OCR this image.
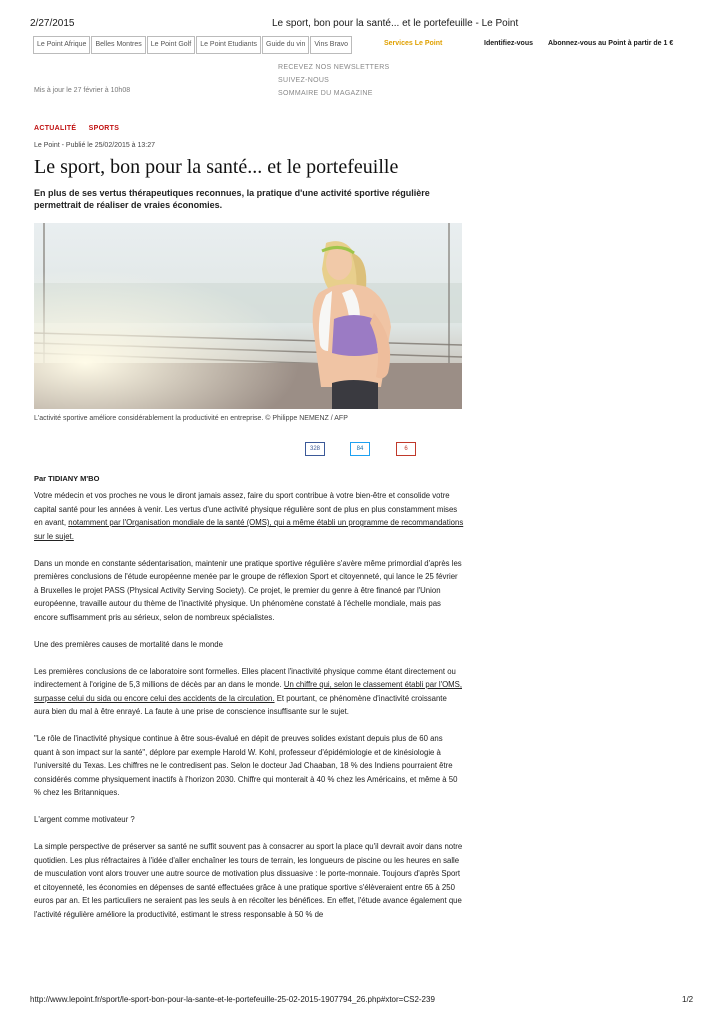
2/27/2015	Le sport, bon pour la santé... et le portefeuille - Le Point
Le Point Afrique	Belles Montres	Le Point Golf	Le Point Etudiants	Guide du vin	Vins Bravo	Services Le Point	Identifiez-vous Abonnez-vous au Point à partir de 1 €
RECEVEZ NOS NEWSLETTERS
SUIVEZ-NOUS
SOMMAIRE DU MAGAZINE
Mis à jour le 27 février à 10h08
ACTUALITÉ SPORTS
Le Point - Publié le 25/02/2015 à 13:27
Le sport, bon pour la santé... et le portefeuille
En plus de ses vertus thérapeutiques reconnues, la pratique d'une activité sportive régulière permettrait de réaliser de vraies économies.
L'activité sportive améliore considérablement la productivité en entreprise. © Philippe NEMENZ / AFP
328	84	6
Par TIDIANY M'BO

Votre médecin et vos proches ne vous le diront jamais assez, faire du sport contribue à votre bien-être et consolide votre capital santé pour les années à venir. Les vertus d'une activité physique régulière sont de plus en plus constamment mises en avant, notamment par l'Organisation mondiale de la santé (OMS), qui a même établi un programme de recommandations sur le sujet.

Dans un monde en constante sédentarisation, maintenir une pratique sportive régulière s'avère même primordial d'après les premières conclusions de l'étude européenne menée par le groupe de réflexion Sport et citoyenneté, qui lance le 25 février à Bruxelles le projet PASS (Physical Activity Serving Society). Ce projet, le premier du genre à être financé par l'Union européenne, travaille autour du thème de l'inactivité physique. Un phénomène constaté à l'échelle mondiale, mais pas encore suffisamment pris au sérieux, selon de nombreux spécialistes.

Une des premières causes de mortalité dans le monde

Les premières conclusions de ce laboratoire sont formelles. Elles placent l'inactivité physique comme étant directement ou indirectement à l'origine de 5,3 millions de décès par an dans le monde. Un chiffre qui, selon le classement établi par l'OMS, surpasse celui du sida ou encore celui des accidents de la circulation. Et pourtant, ce phénomène d'inactivité croissante aura bien du mal à être enrayé. La faute à une prise de conscience insuffisante sur le sujet.

"Le rôle de l'inactivité physique continue à être sous-évalué en dépit de preuves solides existant depuis plus de 60 ans quant à son impact sur la santé", déplore par exemple Harold W. Kohl, professeur d'épidémiologie et de kinésiologie à l'université du Texas. Les chiffres ne le contredisent pas. Selon le docteur Jad Chaaban, 18 % des Indiens pourraient être considérés comme physiquement inactifs à l'horizon 2030. Chiffre qui monterait à 40 % chez les Américains, et même à 50 % chez les Britanniques.

L'argent comme motivateur ?

La simple perspective de préserver sa santé ne suffit souvent pas à consacrer au sport la place qu'il devrait avoir dans notre quotidien. Les plus réfractaires à l'idée d'aller enchaîner les tours de terrain, les longueurs de piscine ou les heures en salle de musculation vont alors trouver une autre source de motivation plus dissuasive : le porte-monnaie. Toujours d'après Sport et citoyenneté, les économies en dépenses de santé effectuées grâce à une pratique sportive s'élèveraient entre 65 à 250 euros par an. Et les particuliers ne seraient pas les seuls à en récolter les bénéfices. En effet, l'étude avance également que l'activité régulière améliore la productivité, estimant le stress responsable à 50 % de

http://www.lepoint.fr/sport/le-sport-bon-pour-la-sante-et-le-portefeuille-25-02-2015-1907794_26.php#xtor=CS2-239	1/2
